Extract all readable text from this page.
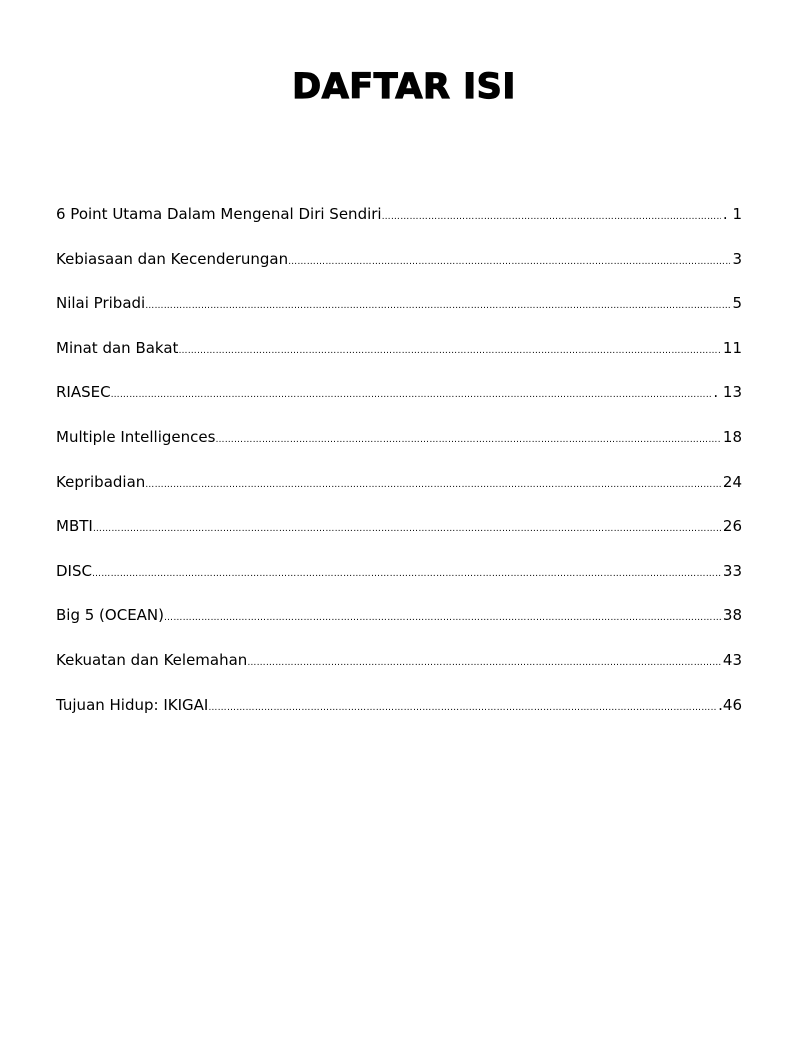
DAFTAR ISI
6 Point Utama Dalam Mengenal Diri Sendiri …………………………………………………………………………………………………………………………………………………………………………………………………………………………………………………………	. 1
Kebiasaan dan Kecenderungan …………………………………………………………………………………………………………………………………………………………………………………………………………………………………………………………	3
Nilai Pribadi …………………………………………………………………………………………………………………………………………………………………………………………………………………………………………………………	5
Minat dan Bakat …………………………………………………………………………………………………………………………………………………………………………………………………………………………………………………………	11
RIASEC …………………………………………………………………………………………………………………………………………………………………………………………………………………………………………………………	. 13
Multiple Intelligences …………………………………………………………………………………………………………………………………………………………………………………………………………………………………………………………	18
Kepribadian …………………………………………………………………………………………………………………………………………………………………………………………………………………………………………………………	24
MBTI …………………………………………………………………………………………………………………………………………………………………………………………………………………………………………………………	26
DISC …………………………………………………………………………………………………………………………………………………………………………………………………………………………………………………………	33
Big 5 (OCEAN) …………………………………………………………………………………………………………………………………………………………………………………………………………………………………………………………	38
Kekuatan dan Kelemahan …………………………………………………………………………………………………………………………………………………………………………………………………………………………………………………………	43
Tujuan Hidup: IKIGAI …………………………………………………………………………………………………………………………………………………………………………………………………………………………………………………………	.46
